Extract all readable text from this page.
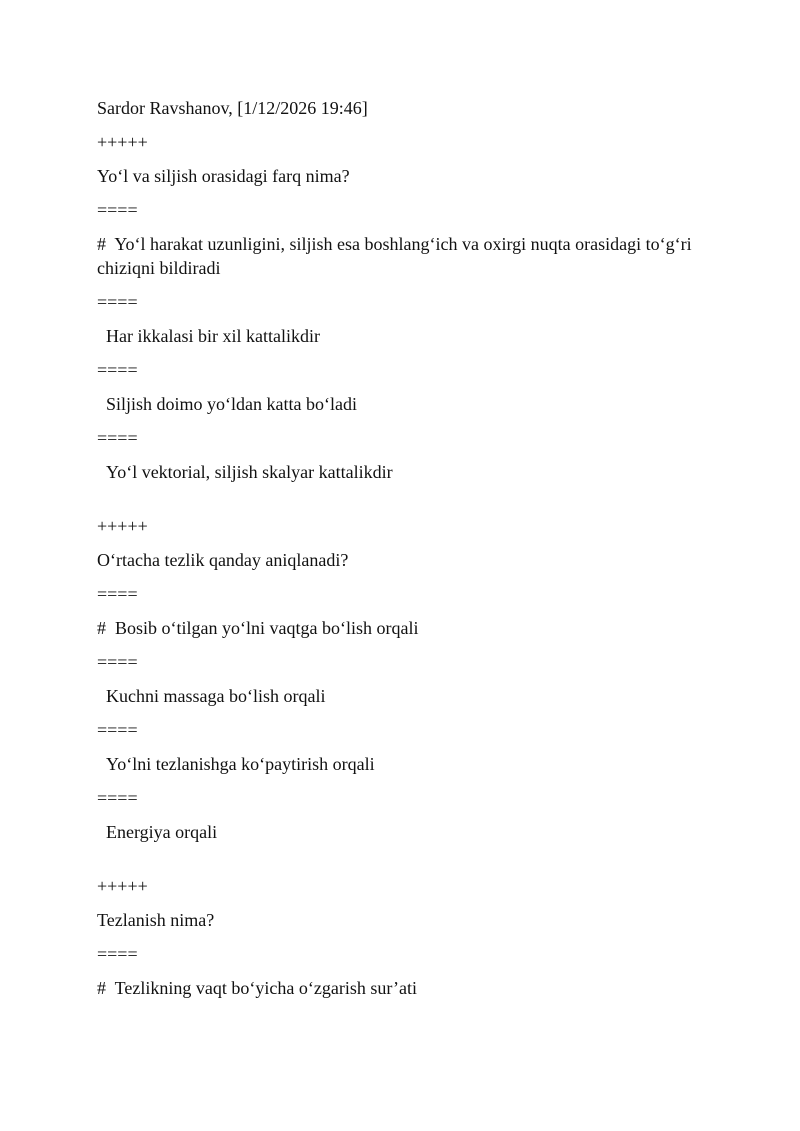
Sardor Ravshanov, [1/12/2026 19:46]
+++++
Yo‘l va siljish orasidagi farq nima?
====
#  Yo‘l harakat uzunligini, siljish esa boshlang‘ich va oxirgi nuqta orasidagi to‘g‘ri chiziqni bildiradi
====
Har ikkalasi bir xil kattalikdir
====
Siljish doimo yo‘ldan katta bo‘ladi
====
Yo‘l vektorial, siljish skalyar kattalikdir
+++++
O‘rtacha tezlik qanday aniqlanadi?
====
#  Bosib o‘tilgan yo‘lni vaqtga bo‘lish orqali
====
Kuchni massaga bo‘lish orqali
====
Yo‘lni tezlanishga ko‘paytirish orqali
====
Energiya orqali
+++++
Tezlanish nima?
====
#  Tezlikning vaqt bo‘yicha o‘zgarish sur’ati
